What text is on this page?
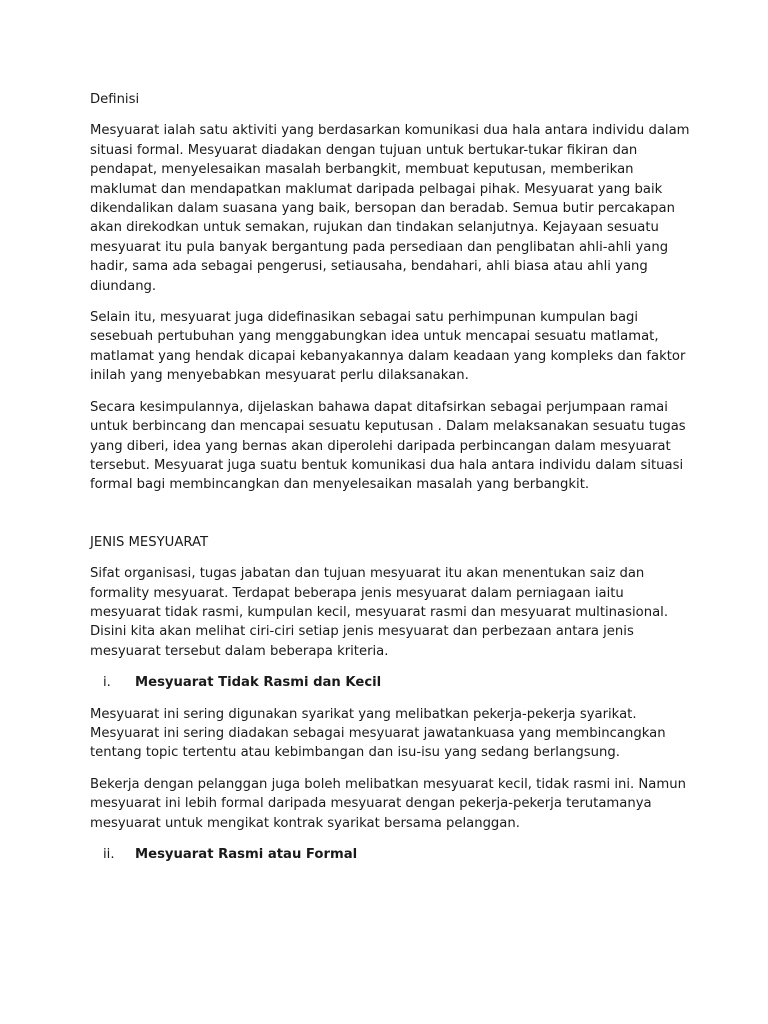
Definisi

Mesyuarat ialah satu aktiviti yang berdasarkan komunikasi dua hala antara individu dalam situasi formal. Mesyuarat diadakan dengan tujuan untuk bertukar-tukar fikiran dan pendapat, menyelesaikan masalah berbangkit, membuat keputusan, memberikan maklumat dan mendapatkan maklumat daripada pelbagai pihak. Mesyuarat yang baik dikendalikan dalam suasana yang baik, bersopan dan beradab. Semua butir percakapan akan direkodkan untuk semakan, rujukan dan tindakan selanjutnya. Kejayaan sesuatu mesyuarat itu pula banyak bergantung pada persediaan dan penglibatan ahli-ahli yang hadir, sama ada sebagai pengerusi, setiausaha, bendahari, ahli biasa atau ahli yang diundang.

Selain itu, mesyuarat juga didefinasikan sebagai satu perhimpunan kumpulan bagi sesebuah pertubuhan yang menggabungkan idea untuk mencapai sesuatu matlamat, matlamat yang hendak dicapai kebanyakannya dalam keadaan yang kompleks dan faktor inilah yang menyebabkan mesyuarat perlu dilaksanakan.

Secara kesimpulannya, dijelaskan bahawa dapat ditafsirkan sebagai perjumpaan ramai untuk berbincang dan mencapai sesuatu keputusan . Dalam melaksanakan sesuatu tugas yang diberi, idea yang bernas akan diperolehi daripada perbincangan dalam mesyuarat tersebut. Mesyuarat juga suatu bentuk komunikasi dua hala antara individu dalam situasi formal bagi membincangkan dan menyelesaikan masalah yang berbangkit.

JENIS MESYUARAT

Sifat organisasi, tugas jabatan dan tujuan mesyuarat itu akan menentukan saiz dan formality mesyuarat. Terdapat beberapa jenis mesyuarat dalam perniagaan iaitu mesyuarat tidak rasmi, kumpulan kecil, mesyuarat rasmi dan mesyuarat multinasional. Disini kita akan melihat ciri-ciri setiap jenis mesyuarat dan perbezaan antara jenis mesyuarat tersebut dalam beberapa kriteria.

i.	Mesyuarat Tidak Rasmi dan Kecil

Mesyuarat ini sering digunakan syarikat yang melibatkan pekerja-pekerja syarikat. Mesyuarat ini sering diadakan sebagai mesyuarat jawatankuasa yang membincangkan tentang topic tertentu atau kebimbangan dan isu-isu yang sedang berlangsung.

Bekerja dengan pelanggan juga boleh melibatkan mesyuarat kecil, tidak rasmi ini. Namun mesyuarat ini lebih formal daripada mesyuarat dengan pekerja-pekerja terutamanya mesyuarat untuk mengikat kontrak syarikat bersama pelanggan.

ii.	Mesyuarat Rasmi atau Formal
